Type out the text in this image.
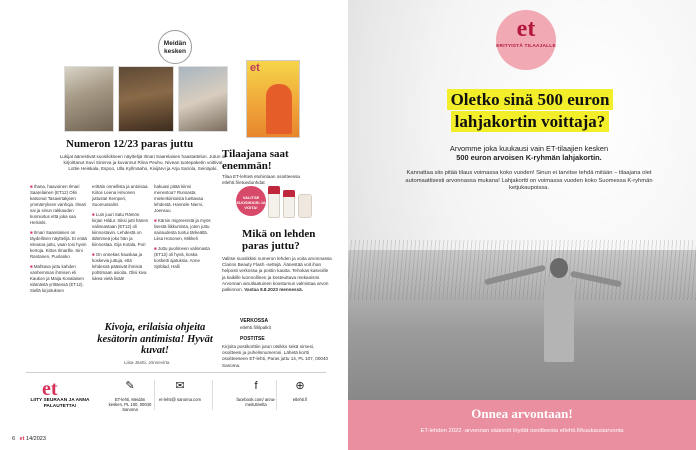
Meidän kesken
et
Numeron 12/23 paras juttu
Lukijat äänestivät suosikikseen näyttelijä Ilmari Saarelaisen haastattelun. Jutun oli kirjoittanut Suvi Sinerva ja kuvannut Riina Peuhu. Nivean tuotepaketin voittivat Lottie Heiskala, Espoo, Ulla Kyllmäaho, Kivijärvi ja Arja Sariola, Seinäjoki.

■ Ihana, haavoinen Ilmari Saarelainen (ET12) Olin katsonut Tasavirtakjeen ymmärryksen vanhoja. Ilmari sai ja sinun rakkauden kunnioitus että joka saa Helsinki.

■ Ilmari Saarelainen on täydellinen näyttelijä. Ei enää elevana juttu, vaan tosi hyvin kertoja. Kittos Ilmarille. Sini Rantanen, Puolanko

■ Mahtava juttu kahden vanhemman ihmisen eli Kaukon ja Maija Kovalaisen elämästä yrittäessä (ET12). Siellä kirjoituksen

erittäin onnellista ja antoisaa. Kiitos Leena Hirvonen juttusta! Kemperi, Suomussalmi

■ Luin juuri Satu Rämön kirjan Hildur. Siksi jutti hänen valinnastaan (ET12) oli kiinnostavin. Lehdestä on älämmeä joko hän ja kiinnostaa. Eija Kotala, Pori

■ On onnekas hauskaa ja koskevia juttuja, että lehdessä pääsivät ihmisiä pohtimaan asioita. Olisi kiva lukea vielä lisää!

hakuasi pitää kiinni menestoa? Runsasta mielenkiintoista luettavaa lehdestä. Hannele Niemi, Joensuu

■ Kärsin migreenistä ja myös lisestä liikkumista, joten juttu sairaudesta tuntui tärkeältä. Liisa Hosonen, Mikkeli

■ Juttu puolimeen valinnasta (ET12) oli hyvä, koska kosketti ajatuksia. Anne Sjöblad, Halli

Tilaajana saat enemmän!
Tilaa ET-lehteä etuhintaan osoitteessa etlehti.fi/etuedunhdat
VALITSE SUOSIKKISI JA VOITA!
Mikä on lehden paras juttu?
Valitse suosikkisi numeron lehden ja voita arvonnassa Clarins Beauty Flash -settejä. Äänestää voit ihan helposti verkossa ja postin kautta. Tehokas kasvoille ja kaikille luonnollinen ja kosteuttava mekanismi. Arvonnan ainutlaatuinen koostumus valmistaa arvon palkinnon. Vastaa 8.8.2023 mennessä.
VERKOSSA
etlehti.fi/lilpalkit
POSTITSE
Kirjoita postikorttiin jutun otsikko sekä nimesi, osoitteesi ja puhelinnumerosi. Lähetä kortti osoitteeseen ET-lehti, Paras juttu 14, PL 107, 00040 Sanoma.
Kivoja, erilaisia ohjeita kesätorin antimista! Hyvät kuvat!
Liisa Jäntti, Jönnevirta
et
LIITY SEURAAN JA ANNA PALAUTETTA!
✎
ET-lehti, Meidän kesken, PL 100, 00040 Sanoma
✉
et-lehti@ sanoma.com
f
facebook.com/ anna-meitutinelta
⊕
etlehti.fi
6 et 14/2023
et
ERITYISTÄ TILAAJALLE
Oletko sinä 500 euron
lahjakortin voittaja?
Arvomme joka kuukausi vain ET-tilaajien kesken
500 euron arvoisen K-ryhmän lahjakortin.
Kannattaa siis pitää tilaus voimassa koko vuoden! Sinun ei tarvitse tehdä mitään – tilaajana olet automaattisesti arvonnassa mukana! Lahjakortti on voimassa vuoden koko Suomessa K-ryhmän ketjukaupoissa.
Onnea arvontaan!
ET-lehden 2022 -arvonnan säännöt löydät osoitteesta etlehti.fi/kuukausiarvonta
